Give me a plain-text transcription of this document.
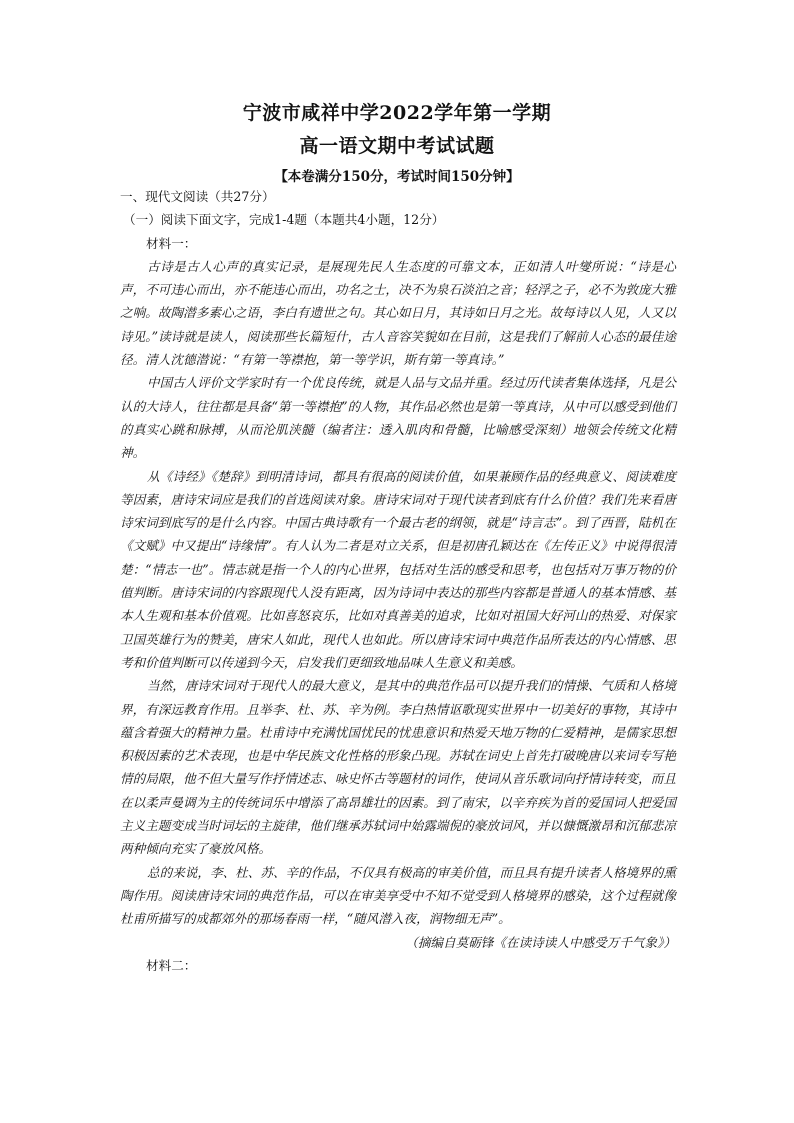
宁波市咸祥中学2022学年第一学期
高一语文期中考试试题
【本卷满分150分，考试时间150分钟】

一、现代文阅读（共27分）

（一）阅读下面文字，完成1-4题（本题共4小题，12分）

材料一：

古诗是古人心声的真实记录，是展现先民人生态度的可靠文本，正如清人叶燮所说：“诗是心声，不可违心而出，亦不能违心而出，功名之士，决不为泉石淡泊之音；轻浮之子，必不为敦庞大雅之响。故陶潜多素心之语，李白有遗世之句。其心如日月，其诗如日月之光。故每诗以人见，人又以诗见。”读诗就是读人，阅读那些长篇短什，古人音容笑貌如在目前，这是我们了解前人心态的最佳途径。清人沈德潜说：“有第一等襟抱，第一等学识，斯有第一等真诗。”

中国古人评价文学家时有一个优良传统，就是人品与文品并重。经过历代读者集体选择，凡是公认的大诗人，往往都是具备“第一等襟抱”的人物，其作品必然也是第一等真诗，从中可以感受到他们的真实心跳和脉搏，从而沦肌浃髓（编者注：透入肌肉和骨髓，比喻感受深刻）地领会传统文化精神。

从《诗经》《楚辞》到明清诗词，都具有很高的阅读价值，如果兼顾作品的经典意义、阅读难度等因素，唐诗宋词应是我们的首选阅读对象。唐诗宋词对于现代读者到底有什么价值？我们先来看唐诗宋词到底写的是什么内容。中国古典诗歌有一个最古老的纲领，就是“诗言志”。到了西晋，陆机在《文赋》中又提出“诗缘情”。有人认为二者是对立关系，但是初唐孔颖达在《左传正义》中说得很清楚：“情志一也”。情志就是指一个人的内心世界，包括对生活的感受和思考，也包括对万事万物的价值判断。唐诗宋词的内容跟现代人没有距离，因为诗词中表达的那些内容都是普通人的基本情感、基本人生观和基本价值观。比如喜怒哀乐，比如对真善美的追求，比如对祖国大好河山的热爱、对保家卫国英雄行为的赞美，唐宋人如此，现代人也如此。所以唐诗宋词中典范作品所表达的内心情感、思考和价值判断可以传递到今天，启发我们更细致地品味人生意义和美感。

当然，唐诗宋词对于现代人的最大意义，是其中的典范作品可以提升我们的情操、气质和人格境界，有深远教育作用。且举李、杜、苏、辛为例。李白热情讴歌现实世界中一切美好的事物，其诗中蕴含着强大的精神力量。杜甫诗中充满忧国忧民的忧患意识和热爱天地万物的仁爱精神，是儒家思想积极因素的艺术表现，也是中华民族文化性格的形象凸现。苏轼在词史上首先打破晚唐以来词专写艳情的局限，他不但大量写作抒情述志、咏史怀古等题材的词作，使词从音乐歌词向抒情诗转变，而且在以柔声曼调为主的传统词乐中增添了高昂雄壮的因素。到了南宋，以辛弃疾为首的爱国词人把爱国主义主题变成当时词坛的主旋律，他们继承苏轼词中始露端倪的豪放词风，并以慷慨激昂和沉郁悲凉两种倾向充实了豪放风格。

总的来说，李、杜、苏、辛的作品，不仅具有极高的审美价值，而且具有提升读者人格境界的熏陶作用。阅读唐诗宋词的典范作品，可以在审美享受中不知不觉受到人格境界的感染，这个过程就像杜甫所描写的成都郊外的那场春雨一样，“随风潜入夜，润物细无声”。

（摘编自莫砺锋《在读诗读人中感受万千气象》）

材料二：
